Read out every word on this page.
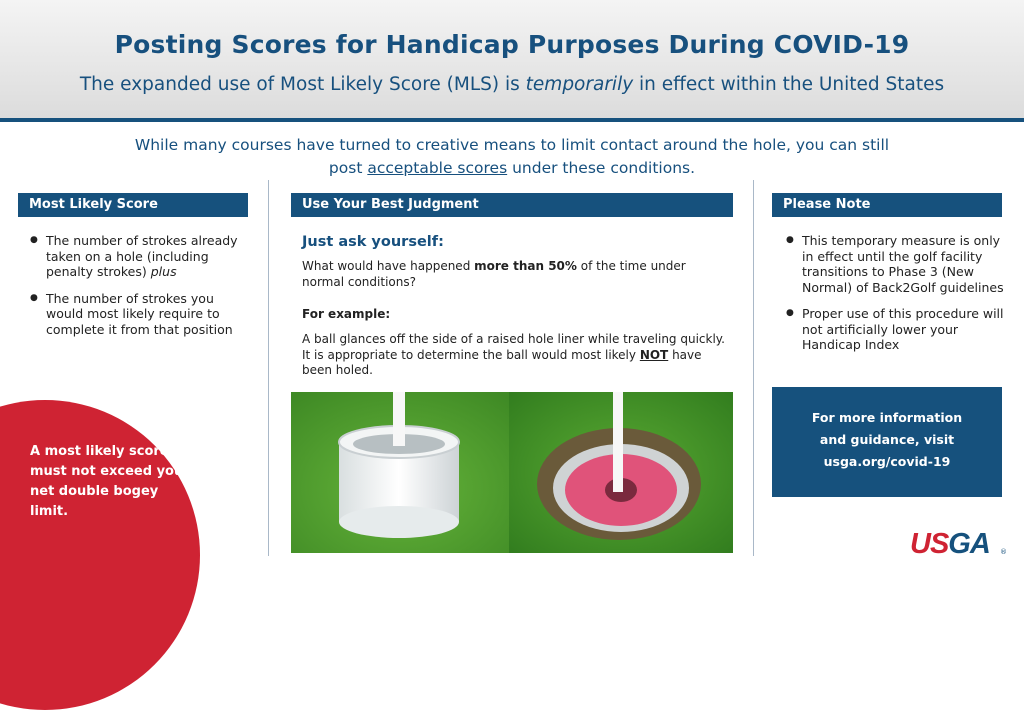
Posting Scores for Handicap Purposes During COVID-19
The expanded use of Most Likely Score (MLS) is temporarily in effect within the United States
While many courses have turned to creative means to limit contact around the hole, you can still
post acceptable scores under these conditions.
Most Likely Score
● The number of strokes already taken on a hole (including penalty strokes) plus
● The number of strokes you would most likely require to complete it from that position
A most likely score must not exceed your net double bogey limit.
Use Your Best Judgment
Just ask yourself:
What would have happened more than 50% of the time under normal conditions?
For example:
A ball glances off the side of a raised hole liner while traveling quickly. It is appropriate to determine the ball would most likely NOT have been holed.
Please Note
● This temporary measure is only in effect until the golf facility transitions to Phase 3 (New Normal) of Back2Golf guidelines
● Proper use of this procedure will not artificially lower your Handicap Index
For more information
and guidance, visit
usga.org/covid-19
USGA ®
